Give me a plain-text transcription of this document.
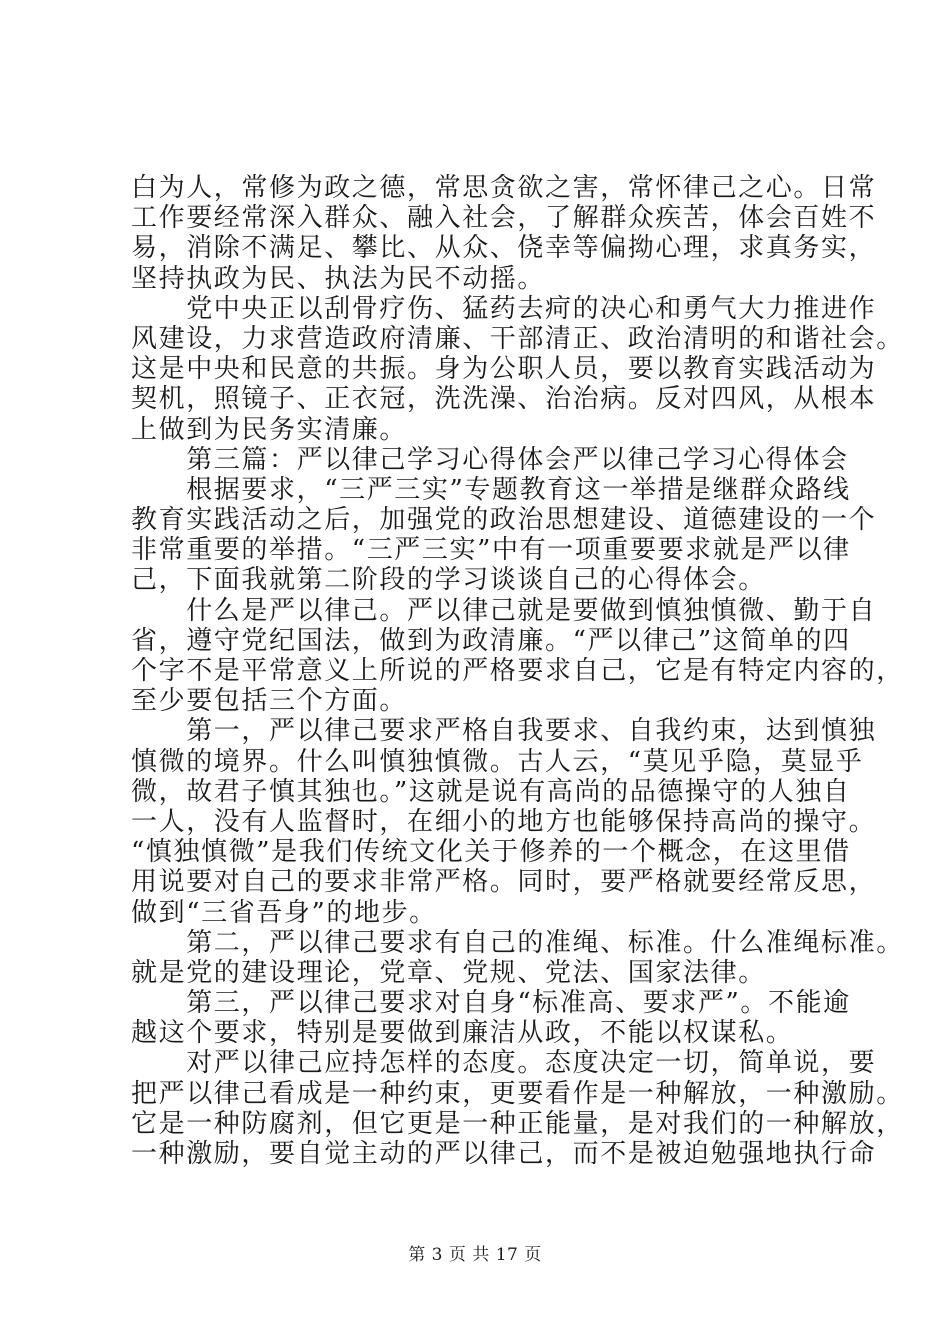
白为人，常修为政之德，常思贪欲之害，常怀律己之心。日常
工作要经常深入群众、融入社会，了解群众疾苦，体会百姓不
易，消除不满足、攀比、从众、侥幸等偏拗心理，求真务实，
坚持执政为民、执法为民不动摇。
　　党中央正以刮骨疗伤、猛药去疴的决心和勇气大力推进作
风建设，力求营造政府清廉、干部清正、政治清明的和谐社会。
这是中央和民意的共振。身为公职人员，要以教育实践活动为
契机，照镜子、正衣冠，洗洗澡、治治病。反对四风，从根本
上做到为民务实清廉。
　　第三篇：严以律己学习心得体会严以律己学习心得体会
　　根据要求，“三严三实”专题教育这一举措是继群众路线
教育实践活动之后，加强党的政治思想建设、道德建设的一个
非常重要的举措。“三严三实”中有一项重要要求就是严以律
己，下面我就第二阶段的学习谈谈自己的心得体会。
　　什么是严以律己。严以律己就是要做到慎独慎微、勤于自
省，遵守党纪国法，做到为政清廉。“严以律己”这简单的四
个字不是平常意义上所说的严格要求自己，它是有特定内容的，
至少要包括三个方面。
　　第一，严以律己要求严格自我要求、自我约束，达到慎独
慎微的境界。什么叫慎独慎微。古人云，“莫见乎隐，莫显乎
微，故君子慎其独也。”这就是说有高尚的品德操守的人独自
一人，没有人监督时，在细小的地方也能够保持高尚的操守。
“慎独慎微”是我们传统文化关于修养的一个概念，在这里借
用说要对自己的要求非常严格。同时，要严格就要经常反思，
做到“三省吾身”的地步。
　　第二，严以律己要求有自己的准绳、标准。什么准绳标准。
就是党的建设理论，党章、党规、党法、国家法律。
　　第三，严以律己要求对自身“标准高、要求严”。不能逾
越这个要求，特别是要做到廉洁从政，不能以权谋私。
　　对严以律己应持怎样的态度。态度决定一切，简单说，要
把严以律己看成是一种约束，更要看作是一种解放，一种激励。
它是一种防腐剂，但它更是一种正能量，是对我们的一种解放，
一种激励，要自觉主动的严以律己，而不是被迫勉强地执行命
第 3 页 共 17 页
